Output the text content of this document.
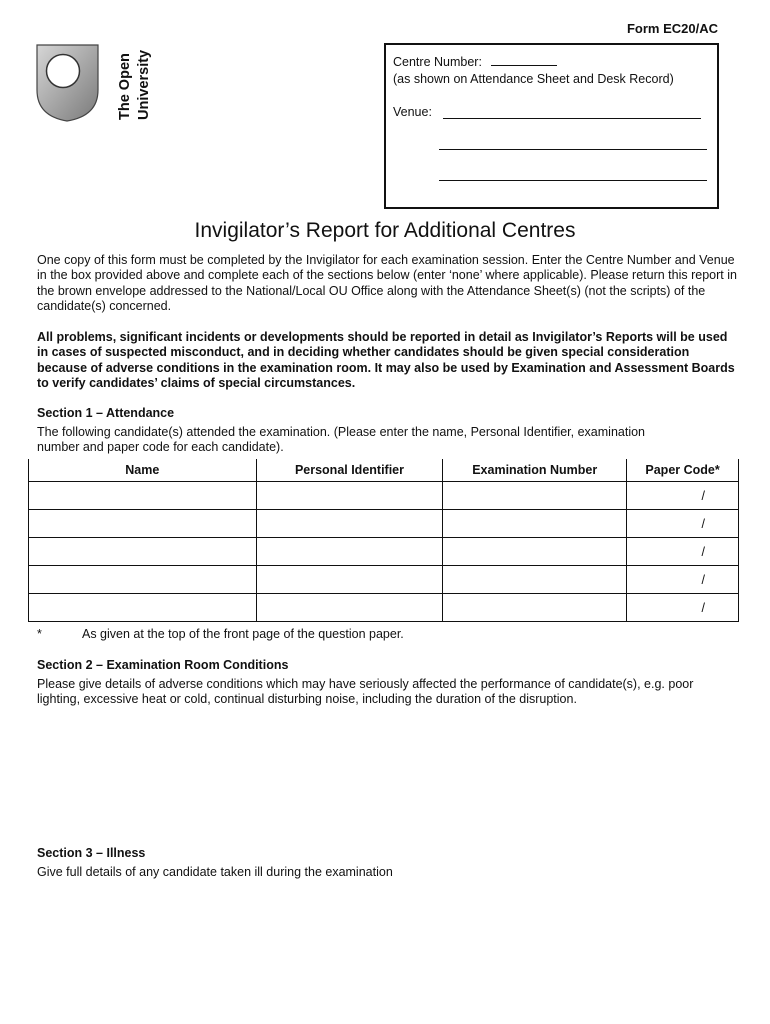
Form EC20/AC
The Open University	Centre Number:
(as shown on Attendance Sheet and Desk Record)
Venue:
Invigilator’s Report for Additional Centres
One copy of this form must be completed by the Invigilator for each examination session. Enter the Centre Number and Venue in the box provided above and complete each of the sections below (enter ‘none’ where applicable). Please return this report in the brown envelope addressed to the National/Local OU Office along with the Attendance Sheet(s) (not the scripts) of the candidate(s) concerned.
All problems, significant incidents or developments should be reported in detail as Invigilator’s Reports will be used in cases of suspected misconduct, and in deciding whether candidates should be given special consideration because of adverse conditions in the examination room. It may also be used by Examination and Assessment Boards to verify candidates’ claims of special circumstances.
Section 1 – Attendance
The following candidate(s) attended the examination. (Please enter the name, Personal Identifier, examination number and paper code for each candidate).
Name	Personal Identifier	Examination Number	Paper Code*
			/
			/
			/
			/
			/
*	As given at the top of the front page of the question paper.
Section 2 – Examination Room Conditions
Please give details of adverse conditions which may have seriously affected the performance of candidate(s), e.g. poor lighting, excessive heat or cold, continual disturbing noise, including the duration of the disruption.
Section 3 – Illness
Give full details of any candidate taken ill during the examination
